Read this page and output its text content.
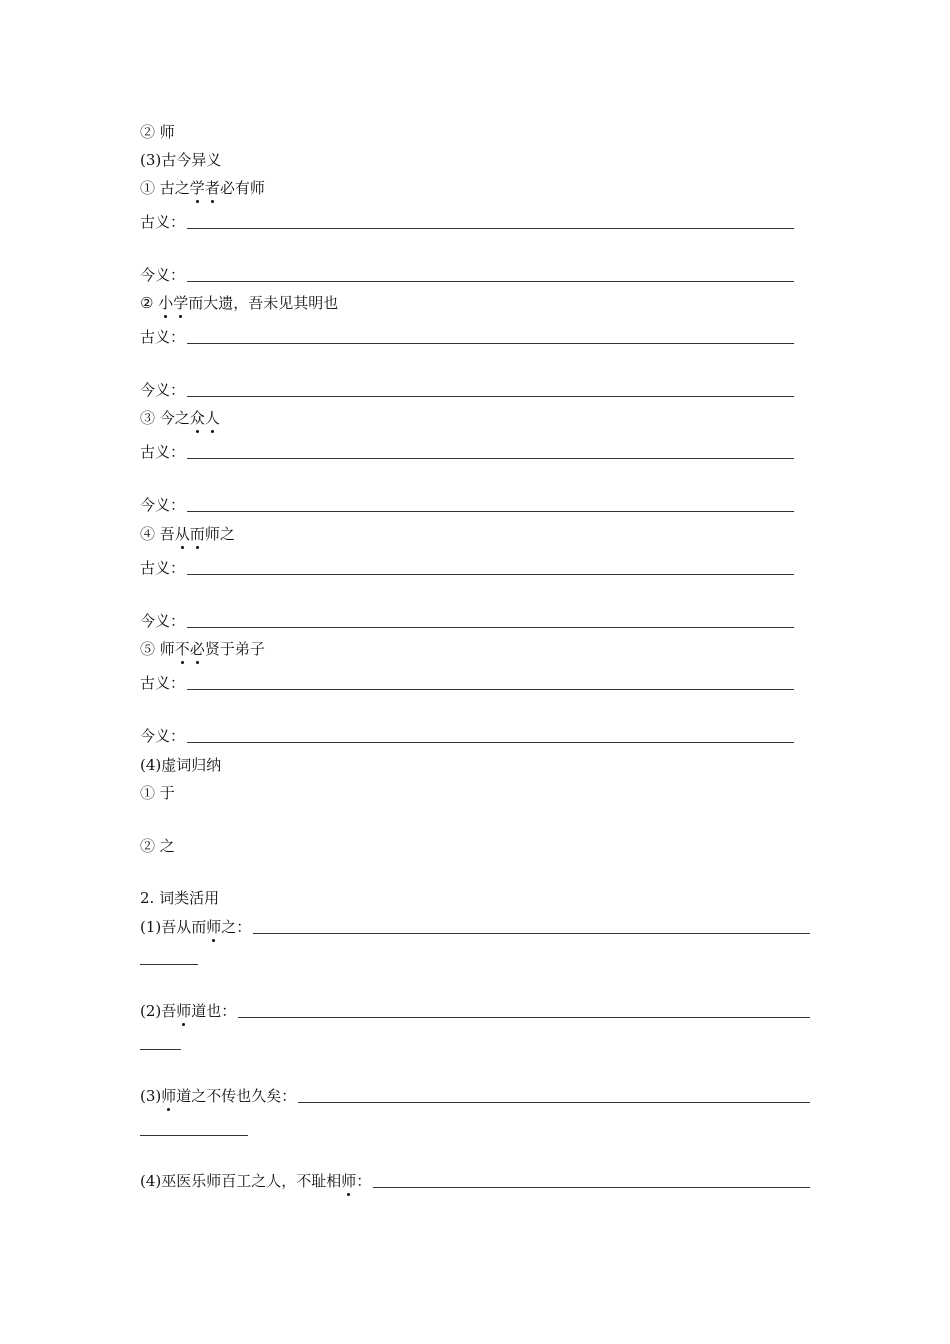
② 师
(3)古今异义
① 古之学者必有师
古义：
今义：
② 小学而大遗，吾未见其明也
古义：
今义：
③ 今之众人
古义：
今义：
④ 吾从而师之
古义：
今义：
⑤ 师不必贤于弟子
古义：
今义：
(4)虚词归纳
① 于
② 之
2. 词类活用
(1)吾从而师之：
(2)吾师道也：
(3)师道之不传也久矣：
(4)巫医乐师百工之人，不耻相师：
